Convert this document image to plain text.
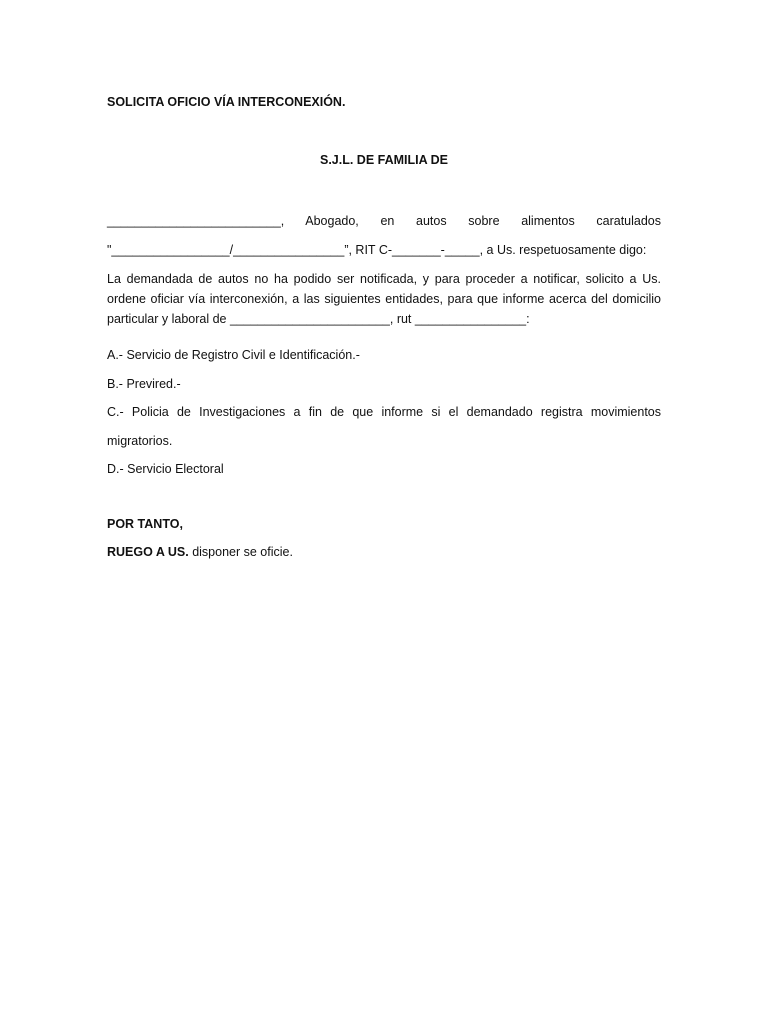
SOLICITA OFICIO VÍA INTERCONEXIÓN.

S.J.L. DE FAMILIA DE

_________________________, Abogado, en autos sobre alimentos caratulados "_________________/________________”, RIT C-_______-_____, a Us. respetuosamente digo:

La demandada de autos no ha podido ser notificada, y para proceder a notificar, solicito a Us. ordene oficiar vía interconexión, a las siguientes entidades, para que informe acerca del domicilio particular y laboral de _______________________, rut ________________:

A.- Servicio de Registro Civil e Identificación.-

B.- Previred.-

C.- Policia de Investigaciones a fin de que informe si el demandado registra movimientos migratorios.

D.- Servicio Electoral

POR TANTO,

RUEGO A US. disponer se oficie.
